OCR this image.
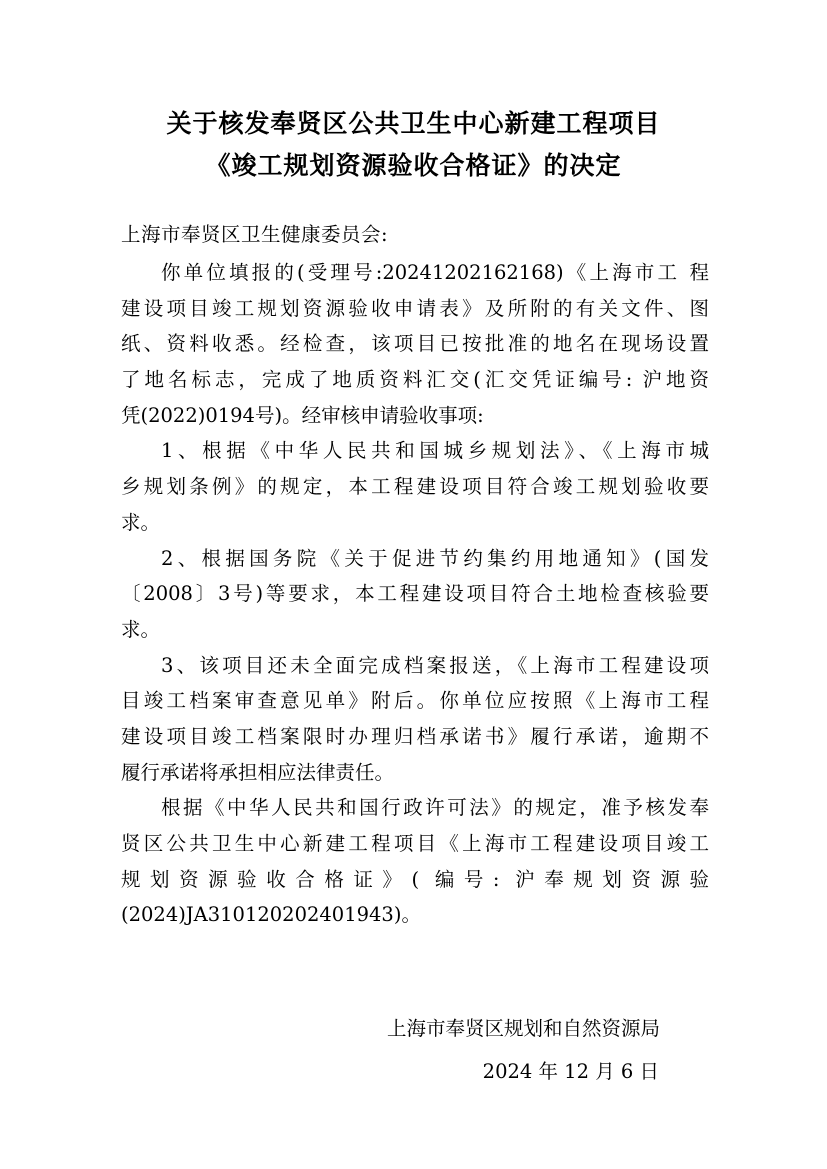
关于核发奉贤区公共卫生中心新建工程项目
《竣工规划资源验收合格证》的决定
上海市奉贤区卫生健康委员会:
你单位填报的(受理号:20241202162168)《上海市工 程
建设项目竣工规划资源验收申请表》及所附的有关文件、图
纸、资料收悉。经检查，该项目已按批准的地名在现场设置
了地名标志，完成了地质资料汇交(汇交凭证编号: 沪地资
凭(2022)0194号)。经审核申请验收事项:
1、根据《中华人民共和国城乡规划法》、《上海市城
乡规划条例》的规定，本工程建设项目符合竣工规划验收要
求。
2、根据国务院《关于促进节约集约用地通知》(国发
〔2008〕3号)等要求，本工程建设项目符合土地检查核验要
求。
3、该项目还未全面完成档案报送，《上海市工程建设项
目竣工档案审查意见单》附后。你单位应按照《上海市工程
建设项目竣工档案限时办理归档承诺书》履行承诺，逾期不
履行承诺将承担相应法律责任。
根据《中华人民共和国行政许可法》的规定，准予核发奉
贤区公共卫生中心新建工程项目《上海市工程建设项目竣工
规划资源验收合格证》( 编号: 沪奉规划资源验
(2024)JA310120202401943)。
上海市奉贤区规划和自然资源局
2024 年 12 月 6 日
